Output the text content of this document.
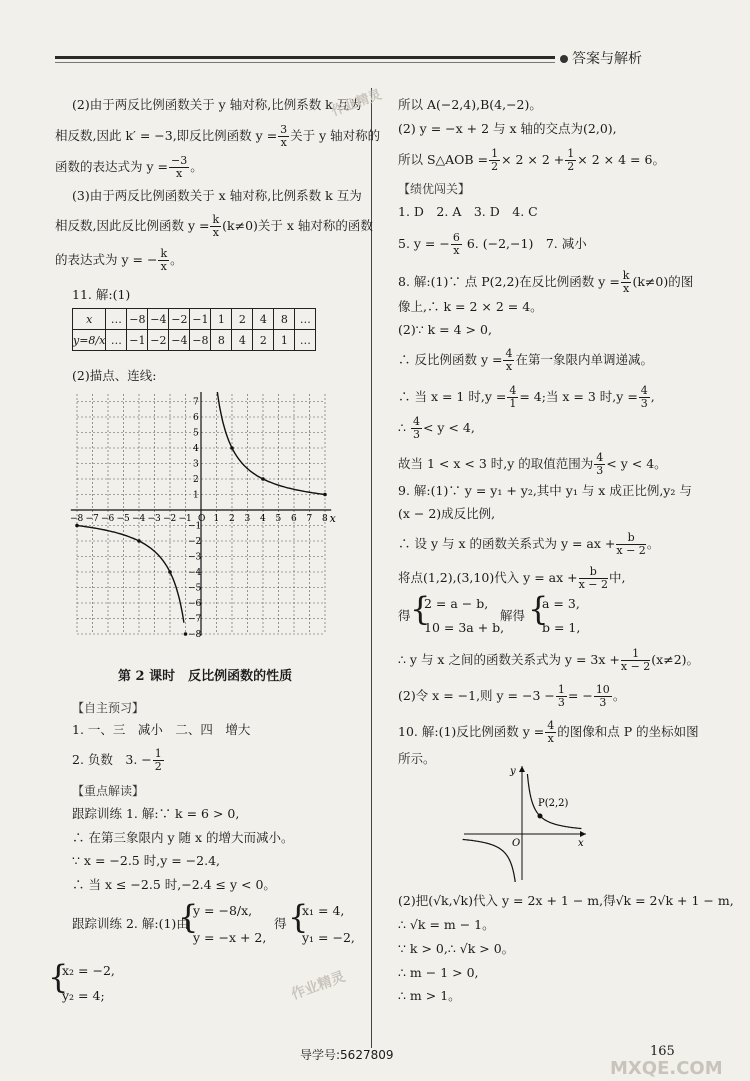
答案与解析
(2)由于两反比例函数关于 y 轴对称,比例系数 k 互为
相反数,因此 k′ = −3,即反比例函数 $y = \frac{3}{x}$ 关于 y 轴对称的
函数的表达式为 $y = \frac{-3}{x}$ 。
(3)由于两反比例函数关于 x 轴对称,比例系数 k 互为
相反数,因此反比例函数 $y = \frac{k}{x} (k\ne 0)$关于 x 轴对称的函数
的表达式为 y = − $\frac{k}{x}$ 。
11. 解:(1)
x	…	−8	−4	−2	−1	1	2	4	8	…
y=8/x	…	−1	−2	−4	−8	8	4	2	1	…
(2)描点、连线:
−8 −7 −6 −5 −4 −3 −2 −1 O 1 2 3 4 5 6 7 8
7
6
5
4
3
2
1
−1
−2
−3
−4
−5
−6
−7
−8
x
第 2 课时　反比例函数的性质
【自主预习】
1. 一、三　减小　二、四　增大
2. 负数　3. − $\frac{1}{2}$
【重点解读】
跟踪训练 1. 解:∵ k = 6 > 0,
∴ 在第三象限内 y 随 x 的增大而减小。
∵ x = −2.5 时,y = −2.4,
∴ 当 x ≤ −2.5 时,−2.4 ≤ y < 0。
跟踪训练 2. 解:(1)由
{
y = −8/x,
y = −x + 2,
得 {
x₁ = 4,
y₁ = −2,
{
x₂ = −2,
y₂ = 4;
所以 A(−2,4),B(4,−2)。
(2) y = −x + 2 与 x 轴的交点为(2,0),
所以 S△AOB = $\frac{1}{2} \times 2 \times 2 + \frac{1}{2} \times 2 \times 4 = 6$。
【绩优闯关】
1. D　2. A　3. D　4. C
5. y = − $\frac{6}{x} 6$. (−2,−1)　7. 减小
8. 解:(1)∵ 点 P(2,2)在反比例函数 $y = \frac{k}{x} (k\ne 0)$的图
像上,∴ k = 2 × 2 = 4。
(2)∵ k = 4 > 0,
∴ 反比例函数 $y = \frac{4}{x}$ 在第一象限内单调递减。
∴ 当 x = 1 时$,y = \frac{4}{1} = 4$;当 x = 3 时$,y = \frac{4}{3}$ ,
∴ $\frac{4}{3} < y < 4$,
故当 1 < x < 3 时,y 的取值范围为 $\frac{4}{3} < y < 4$。
9. 解:(1)∵ y = y₁ + y₂,其中 y₁ 与 x 成正比例,y₂ 与
(x − 2)成反比例,
∴ 设 y 与 x 的函数关系式为 y = ax + $\frac{b}{x - 2}$ 。
将点(1,2),(3,10)代入 y = ax + $\frac{b}{x - 2}$ 中,
得 {
2 = a − b,
10 = 3a + b,
解得 {
a = 3,
b = 1,
∴ y 与 x 之间的函数关系式为 $y = 3x + \frac{1}{x - 2} (x\ne 2)$。
(2)令 x = −1,则 $y = -3 - \frac{1}{3}$ = − $\frac{10}{3}$ 。
10. 解:(1)反比例函数 $y = \frac{4}{x}$ 的图像和点 P 的坐标如图
所示。
P(2,2)
O	x
y
(2)把(√k,√k)代入 y = 2x + 1 − m,得√k = 2√k + 1 − m,
∴ √k = m − 1。
∵ k > 0,∴ √k > 0。
∴ m − 1 > 0,
∴ m > 1。
导学号:5627809	165
作业精灵
作业精灵
MXQE.COM
